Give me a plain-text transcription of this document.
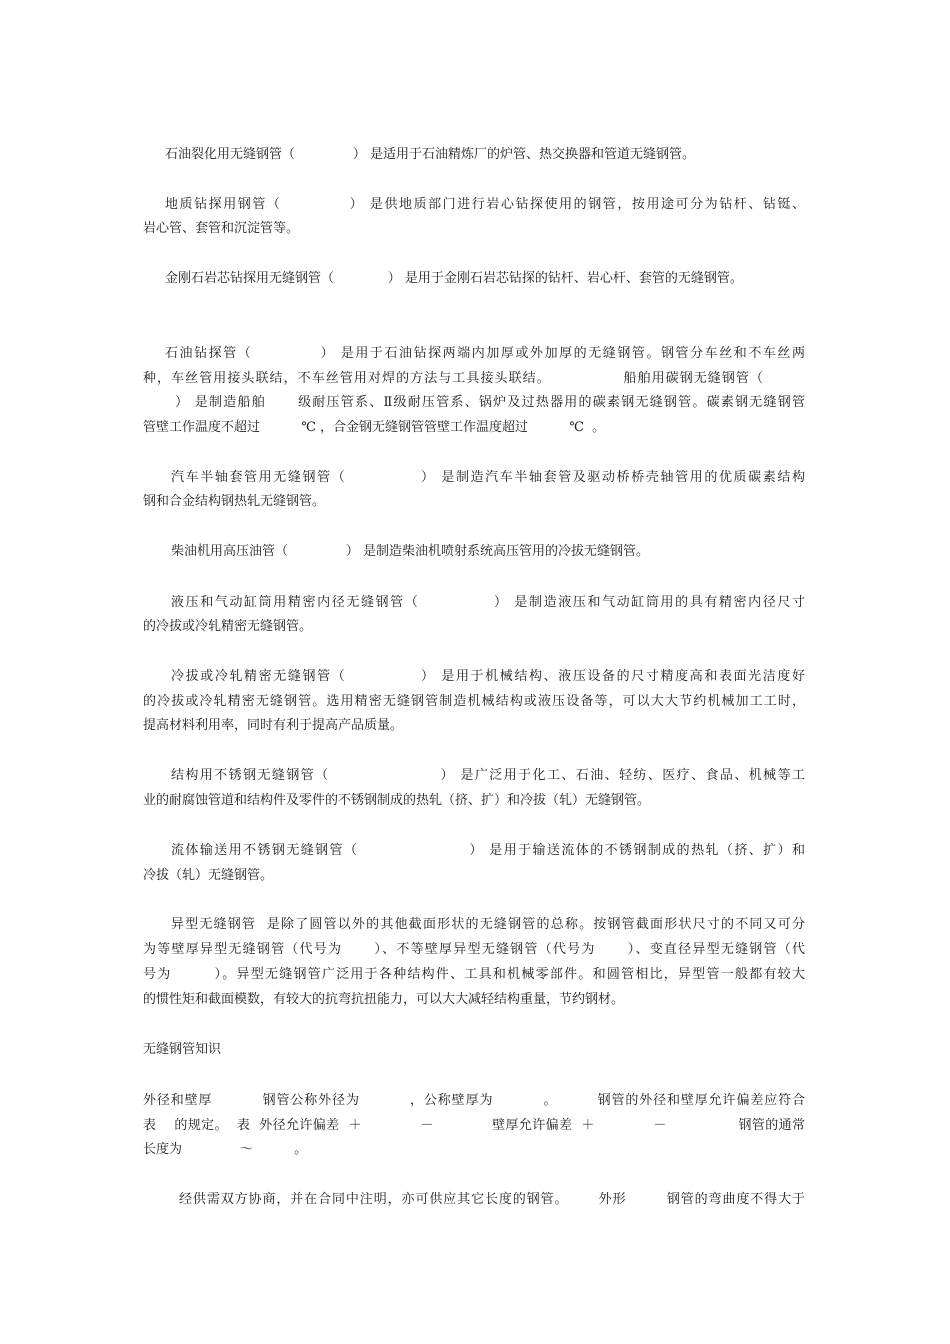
石油裂化用无缝钢管（              ） 是适用于石油精炼厂的炉管、热交换器和管道无缝钢管。
地质钻探用钢管（            ） 是供地质部门进行岩心钻探使用的钢管，按用途可分为钻杆、钻铤、
岩心管、套管和沉淀管等。
金刚石岩芯钻探用无缝钢管（             ） 是用于金刚石岩芯钻探的钻杆、岩心杆、套管的无缝钢管。
石油钻探管（            ） 是用于石油钻探两端内加厚或外加厚的无缝钢管。钢管分车丝和不车丝两
种，车丝管用接头联结，不车丝管用对焊的方法与工具接头联结。              船舶用碳钢无缝钢管（
） 是制造船舶      级耐压管系、Ⅱ级耐压管系、锅炉及过热器用的碳素钢无缝钢管。碳素钢无缝钢管
管壁工作温度不超过          ℃ ，合金钢无缝钢管管壁工作温度超过          ℃  。
汽车半轴套管用无缝钢管（             ） 是制造汽车半轴套管及驱动桥桥壳轴管用的优质碳素结构
钢和合金结构钢热轧无缝钢管。
柴油机用高压油管（              ） 是制造柴油机喷射系统高压管用的冷拔无缝钢管。
液压和气动缸筒用精密内径无缝钢管（             ） 是制造液压和气动缸筒用的具有精密内径尺寸
的冷拔或冷轧精密无缝钢管。
冷拔或冷轧精密无缝钢管（             ） 是用于机械结构、液压设备的尺寸精度高和表面光洁度好
的冷拔或冷轧精密无缝钢管。选用精密无缝钢管制造机械结构或液压设备等，可以大大节约机械加工工时，
提高材料利用率，同时有利于提高产品质量。
结构用不锈钢无缝钢管（                    ） 是广泛用于化工、石油、轻纺、医疗、食品、机械等工
业的耐腐蚀管道和结构件及零件的不锈钢制成的热轧（挤、扩）和冷拔（轧）无缝钢管。
流体输送用不锈钢无缝钢管（                    ） 是用于输送流体的不锈钢制成的热轧（挤、扩）和
冷拔（轧）无缝钢管。
异型无缝钢管  是除了圆管以外的其他截面形状的无缝钢管的总称。按钢管截面形状尺寸的不同又可分
为等壁厚异型无缝钢管（代号为      ）、不等壁厚异型无缝钢管（代号为      ）、变直径异型无缝钢管（代
号为        ）。异型无缝钢管广泛用于各种结构件、工具和机械零部件。和圆管相比，异型管一般都有较大
的惯性矩和截面模数，有较大的抗弯抗扭能力，可以大大减轻结构重量，节约钢材。
无缝钢管知识
外径和壁厚          钢管公称外径为          ，公称壁厚为          。        钢管的外径和壁厚允许偏差应符合
表    的规定。  表  外径允许偏差  ＋             －             壁厚允许偏差  ＋             －                钢管的通常
长度为              ～          。
经供需双方协商，并在合同中注明，亦可供应其它长度的钢管。      外形        钢管的弯曲度不得大于
